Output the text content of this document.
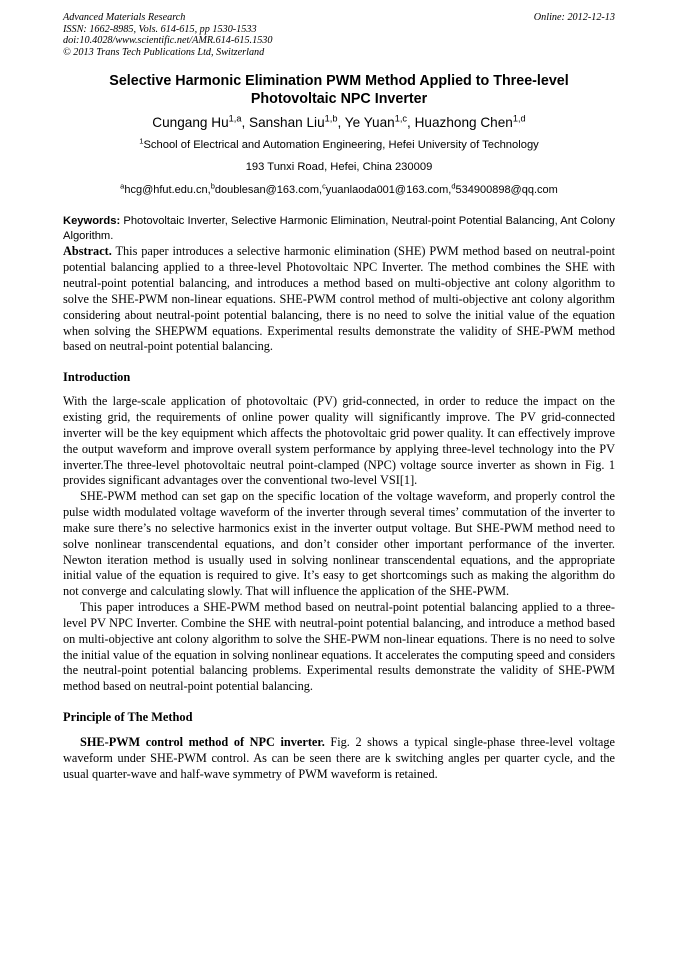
Advanced Materials Research
ISSN: 1662-8985, Vols. 614-615, pp 1530-1533
doi:10.4028/www.scientific.net/AMR.614-615.1530
© 2013 Trans Tech Publications Ltd, Switzerland
Online: 2012-12-13
Selective Harmonic Elimination PWM Method Applied to Three-level
Photovoltaic NPC Inverter
Cungang Hu$^{1,a}$, Sanshan Liu$^{1,b}$, Ye Yuan$^{1,c}$, Huazhong Chen$^{1,d}$
$^1$School of Electrical and Automation Engineering, Hefei University of Technology
193 Tunxi Road, Hefei, China 230009
$^a$hcg@hfut.edu.cn,$^b$doublesan@163.com,$^c$yuanlaoda001@163.com,$^d$534900898@qq.com
Keywords: Photovoltaic Inverter, Selective Harmonic Elimination, Neutral-point Potential Balancing, Ant Colony Algorithm.

Abstract. This paper introduces a selective harmonic elimination (SHE) PWM method based on neutral-point potential balancing applied to a three-level Photovoltaic NPC Inverter. The method combines the SHE with neutral-point potential balancing, and introduces a method based on multi-objective ant colony algorithm to solve the SHE-PWM non-linear equations. SHE-PWM control method of multi-objective ant colony algorithm considering about neutral-point potential balancing, there is no need to solve the initial value of the equation when solving the SHEPWM equations. Experimental results demonstrate the validity of SHE-PWM method based on neutral-point potential balancing.

Introduction

With the large-scale application of photovoltaic (PV) grid-connected, in order to reduce the impact on the existing grid, the requirements of online power quality will significantly improve. The PV grid-connected inverter will be the key equipment which affects the photovoltaic grid power quality. It can effectively improve the output waveform and improve overall system performance by applying three-level technology into the PV inverter.The three-level photovoltaic neutral point-clamped (NPC) voltage source inverter as shown in Fig. 1 provides significant advantages over the conventional two-level VSI[1].

SHE-PWM method can set gap on the specific location of the voltage waveform, and properly control the pulse width modulated voltage waveform of the inverter through several times’ commutation of the inverter to make sure there’s no selective harmonics exist in the inverter output voltage. But SHE-PWM method need to solve nonlinear transcendental equations, and don’t consider other important performance of the inverter. Newton iteration method is usually used in solving nonlinear transcendental equations, and the appropriate initial value of the equation is required to give. It’s easy to get shortcomings such as making the algorithm do not converge and calculating slowly. That will influence the application of the SHE-PWM.

This paper introduces a SHE-PWM method based on neutral-point potential balancing applied to a three-level PV NPC Inverter. Combine the SHE with neutral-point potential balancing, and introduce a method based on multi-objective ant colony algorithm to solve the SHE-PWM non-linear equations. There is no need to solve the initial value of the equation in solving nonlinear equations. It accelerates the computing speed and considers the neutral-point potential balancing problems. Experimental results demonstrate the validity of SHE-PWM method based on neutral-point potential balancing.

Principle of The Method

SHE-PWM control method of NPC inverter. Fig. 2 shows a typical single-phase three-level voltage waveform under SHE-PWM control. As can be seen there are k switching angles per quarter cycle, and the usual quarter-wave and half-wave symmetry of PWM waveform is retained.
